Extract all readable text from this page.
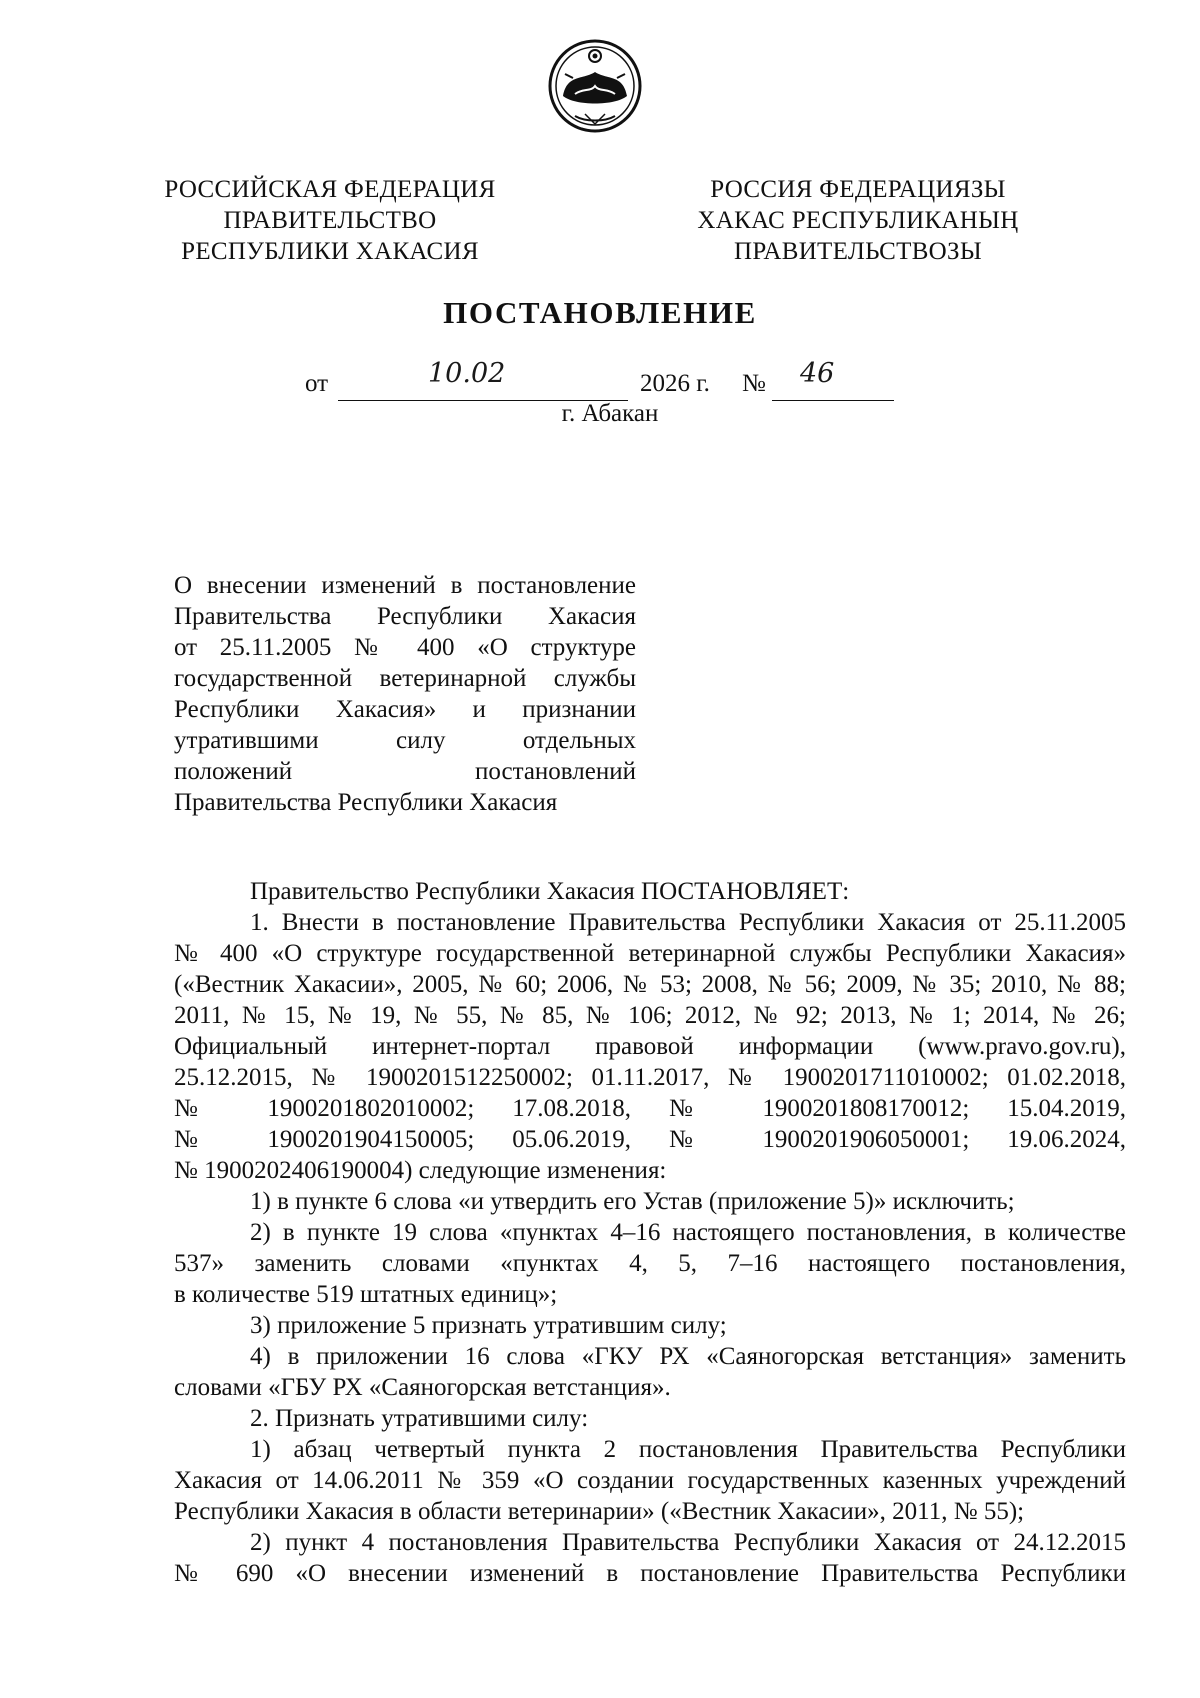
РОССИЙСКАЯ ФЕДЕРАЦИЯ
ПРАВИТЕЛЬСТВО
РЕСПУБЛИКИ ХАКАСИЯ
РОССИЯ ФЕДЕРАЦИЯЗЫ
ХАКАС РЕСПУБЛИКАНЫҢ
ПРАВИТЕЛЬСТВОЗЫ
ПОСТАНОВЛЕНИЕ
от	10.02	2026 г. № 46
г. Абакан
О внесении изменений в постановление
Правительства Республики Хакасия
от 25.11.2005 № 400 «О структуре
государственной ветеринарной службы
Республики Хакасия» и признании
утратившими силу отдельных
положений постановлений
Правительства Республики Хакасия
Правительство Республики Хакасия ПОСТАНОВЛЯЕТ:
1. Внести в постановление Правительства Республики Хакасия от 25.11.2005
№ 400 «О структуре государственной ветеринарной службы Республики Хакасия»
(«Вестник Хакасии», 2005, № 60; 2006, № 53; 2008, № 56; 2009, № 35; 2010, № 88;
2011, № 15, № 19, № 55, № 85, № 106; 2012, № 92; 2013, № 1; 2014, № 26;
Официальный интернет-портал правовой информации (www.pravo.gov.ru),
25.12.2015, № 1900201512250002; 01.11.2017, № 1900201711010002; 01.02.2018,
№ 1900201802010002; 17.08.2018, № 1900201808170012; 15.04.2019,
№ 1900201904150005; 05.06.2019, № 1900201906050001; 19.06.2024,
№ 1900202406190004) следующие изменения:
1) в пункте 6 слова «и утвердить его Устав (приложение 5)» исключить;
2) в пункте 19 слова «пунктах 4–16 настоящего постановления, в количестве
537» заменить словами «пунктах 4, 5, 7–16 настоящего постановления,
в количестве 519 штатных единиц»;
3) приложение 5 признать утратившим силу;
4) в приложении 16 слова «ГКУ РХ «Саяногорская ветстанция» заменить
словами «ГБУ РХ «Саяногорская ветстанция».
2. Признать утратившими силу:
1) абзац четвертый пункта 2 постановления Правительства Республики
Хакасия от 14.06.2011 № 359 «О создании государственных казенных учреждений
Республики Хакасия в области ветеринарии» («Вестник Хакасии», 2011, № 55);
2) пункт 4 постановления Правительства Республики Хакасия от 24.12.2015
№ 690 «О внесении изменений в постановление Правительства Республики
